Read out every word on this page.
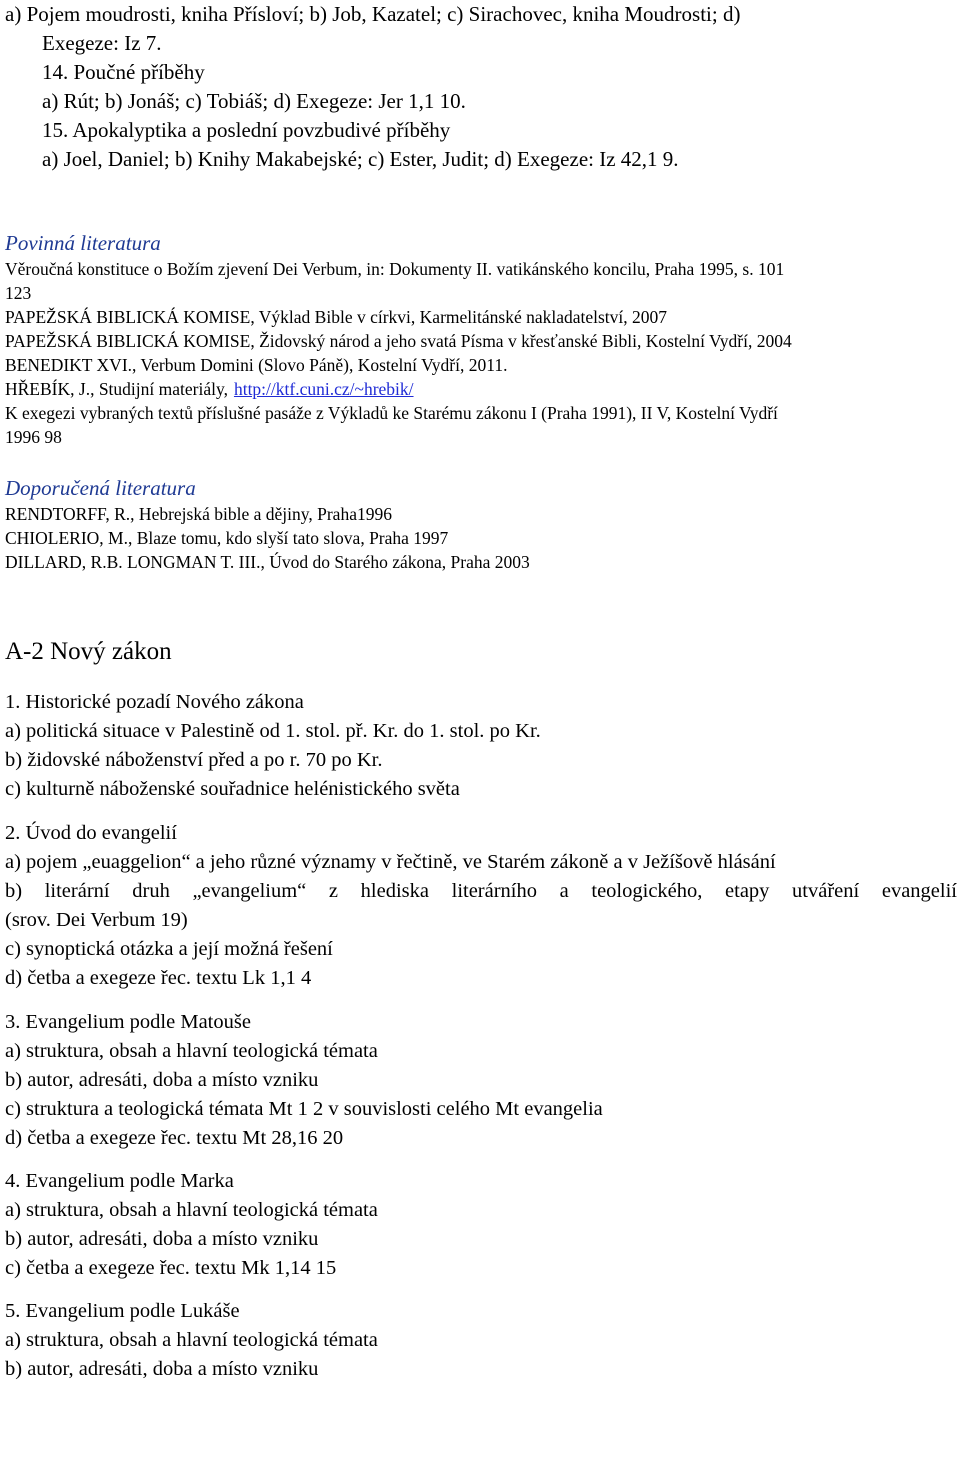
a) Pojem moudrosti, kniha Přísloví; b) Job, Kazatel; c) Sirachovec, kniha Moudrosti; d)
Exegeze: Iz 7.
14. Poučné příběhy
a) Rút; b) Jonáš; c) Tobiáš; d) Exegeze: Jer 1,1 10.
15. Apokalyptika a poslední povzbudivé příběhy
a) Joel, Daniel; b) Knihy Makabejské; c) Ester, Judit; d) Exegeze: Iz 42,1 9.
Povinná literatura
Věroučná konstituce o Božím zjevení Dei Verbum, in: Dokumenty II. vatikánského koncilu, Praha 1995, s. 101
123
PAPEŽSKÁ BIBLICKÁ KOMISE, Výklad Bible v církvi, Karmelitánské nakladatelství, 2007
PAPEŽSKÁ BIBLICKÁ KOMISE, Židovský národ a jeho svatá Písma v křesťanské Bibli, Kostelní Vydří, 2004
BENEDIKT XVI., Verbum Domini (Slovo Páně), Kostelní Vydří, 2011.
HŘEBÍK, J., Studijní materiály, http://ktf.cuni.cz/~hrebik/
K exegezi vybraných textů příslušné pasáže z Výkladů ke Starému zákonu I (Praha 1991), II V, Kostelní Vydří
1996 98
Doporučená literatura
RENDTORFF, R., Hebrejská bible a dějiny, Praha1996
CHIOLERIO, M., Blaze tomu, kdo slyší tato slova, Praha 1997
DILLARD, R.B. LONGMAN T. III., Úvod do Starého zákona, Praha 2003
A-2 Nový zákon
1. Historické pozadí Nového zákona
a) politická situace v Palestině od 1. stol. př. Kr. do 1. stol. po Kr.
b) židovské náboženství před a po r. 70 po Kr.
c) kulturně náboženské souřadnice helénistického světa
2. Úvod do evangelií
a) pojem „euaggelion“ a jeho různé významy v řečtině, ve Starém zákoně a v Ježíšově hlásání
b) literární druh „evangelium“ z hlediska literárního a teologického, etapy utváření evangelií
(srov. Dei Verbum 19)
c) synoptická otázka a její možná řešení
d) četba a exegeze řec. textu Lk 1,1 4
3. Evangelium podle Matouše
a) struktura, obsah a hlavní teologická témata
b) autor, adresáti, doba a místo vzniku
c) struktura a teologická témata Mt 1 2 v souvislosti celého Mt evangelia
d) četba a exegeze řec. textu Mt 28,16 20
4. Evangelium podle Marka
a) struktura, obsah a hlavní teologická témata
b) autor, adresáti, doba a místo vzniku
c) četba a exegeze řec. textu Mk 1,14 15
5. Evangelium podle Lukáše
a) struktura, obsah a hlavní teologická témata
b) autor, adresáti, doba a místo vzniku
